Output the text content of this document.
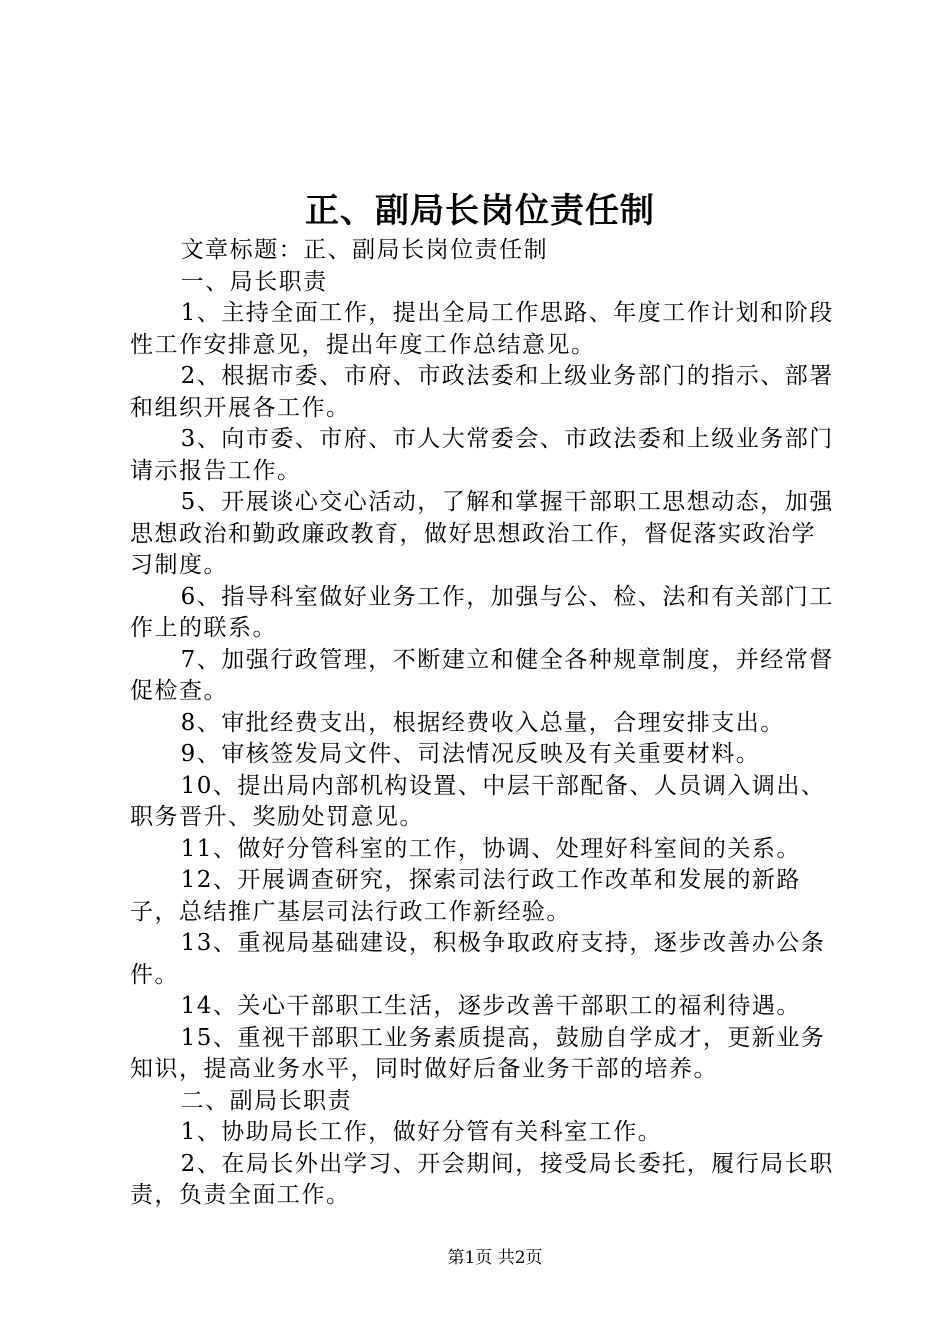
正、副局长岗位责任制

文章标题：正、副局长岗位责任制

一、局长职责

1、主持全面工作，提出全局工作思路、年度工作计划和阶段性工作安排意见，提出年度工作总结意见。

2、根据市委、市府、市政法委和上级业务部门的指示、部署和组织开展各工作。

3、向市委、市府、市人大常委会、市政法委和上级业务部门请示报告工作。

5、开展谈心交心活动，了解和掌握干部职工思想动态，加强思想政治和勤政廉政教育，做好思想政治工作，督促落实政治学习制度。

6、指导科室做好业务工作，加强与公、检、法和有关部门工作上的联系。

7、加强行政管理，不断建立和健全各种规章制度，并经常督促检查。

8、审批经费支出，根据经费收入总量，合理安排支出。

9、审核签发局文件、司法情况反映及有关重要材料。

10、提出局内部机构设置、中层干部配备、人员调入调出、职务晋升、奖励处罚意见。

11、做好分管科室的工作，协调、处理好科室间的关系。

12、开展调查研究，探索司法行政工作改革和发展的新路子，总结推广基层司法行政工作新经验。

13、重视局基础建设，积极争取政府支持，逐步改善办公条件。

14、关心干部职工生活，逐步改善干部职工的福利待遇。

15、重视干部职工业务素质提高，鼓励自学成才，更新业务知识，提高业务水平，同时做好后备业务干部的培养。

二、副局长职责

1、协助局长工作，做好分管有关科室工作。

2、在局长外出学习、开会期间，接受局长委托，履行局长职责，负责全面工作。

第1页 共2页
